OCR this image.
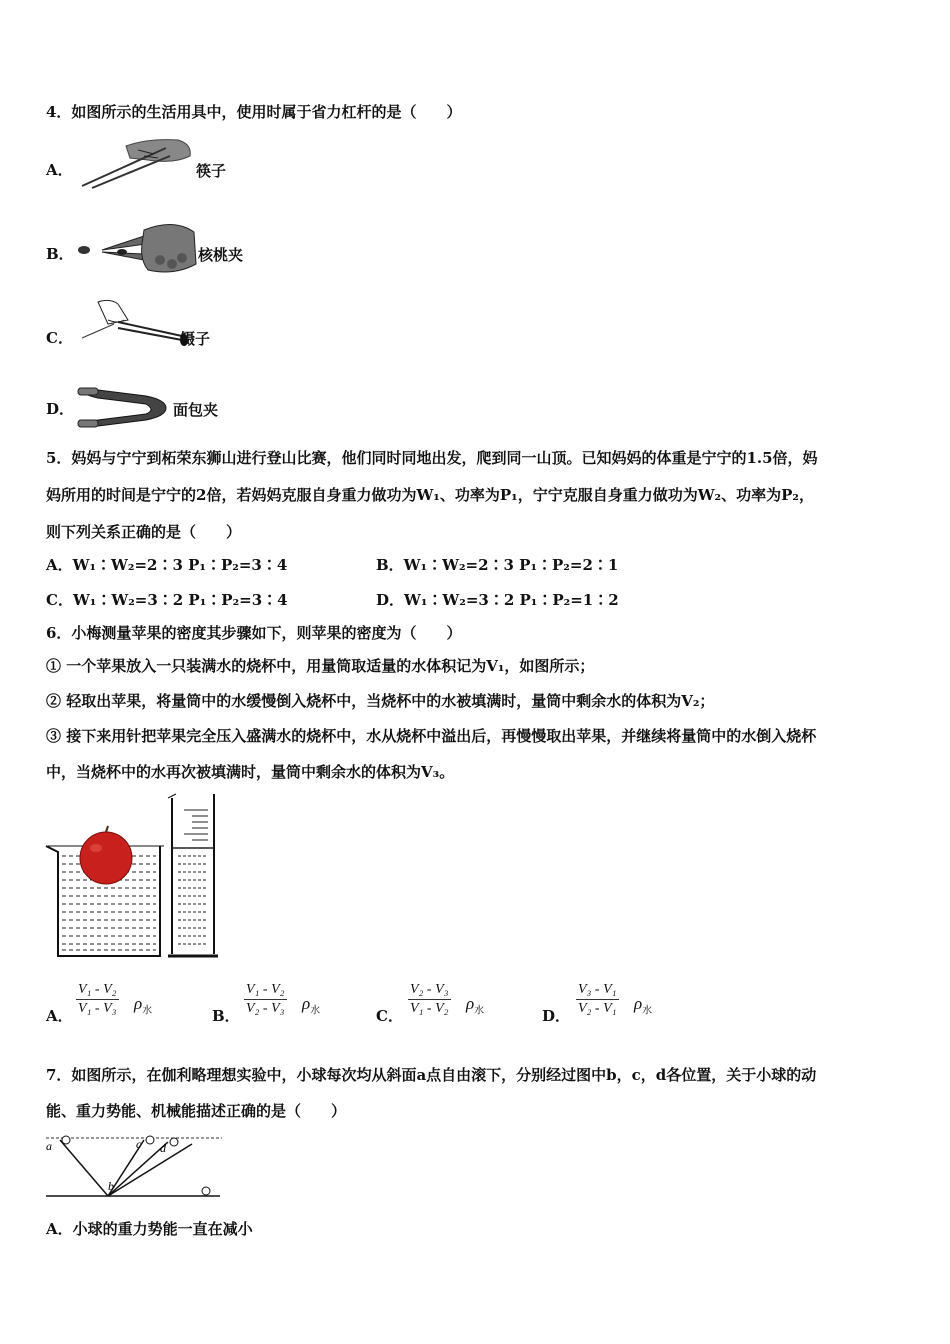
4．如图所示的生活用具中，使用时属于省力杠杆的是（　　）
A．	筷子
B．	核桃夹
C．	镊子
D．	面包夹
5．妈妈与宁宁到柘荣东狮山进行登山比赛，他们同时同地出发，爬到同一山顶。已知妈妈的体重是宁宁的1.5倍，妈
妈所用的时间是宁宁的2倍，若妈妈克服自身重力做功为W₁、功率为P₁，宁宁克服自身重力做功为W₂、功率为P₂，
则下列关系正确的是（　　）
A．W₁∶W₂=2∶3 P₁∶P₂=3∶4	B．W₁∶W₂=2∶3 P₁∶P₂=2∶1
C．W₁∶W₂=3∶2 P₁∶P₂=3∶4	D．W₁∶W₂=3∶2 P₁∶P₂=1∶2
6．小梅测量苹果的密度其步骤如下，则苹果的密度为（　　）
① 一个苹果放入一只装满水的烧杯中，用量筒取适量的水体积记为V₁，如图所示；
② 轻取出苹果，将量筒中的水缓慢倒入烧杯中，当烧杯中的水被填满时，量筒中剩余水的体积为V₂；
③ 接下来用针把苹果完全压入盛满水的烧杯中，水从烧杯中溢出后，再慢慢取出苹果，并继续将量筒中的水倒入烧杯
中，当烧杯中的水再次被填满时，量筒中剩余水的体积为V₃。
A． $\frac{\text{V₁ - V₂}}{\text{V₁ - V₃}} \rho_水$	B． $\frac{\text{V₁ - V₂}}{\text{V₂ - V₃}} \rho_水$	C． $\frac{\text{V₂ - V₃}}{\text{V₁ - V₂}} \rho_水$	D． $\frac{\text{V₃ - V₁}}{\text{V₂ - V₁}} \rho_水$
7．如图所示，在伽利略理想实验中，小球每次均从斜面a点自由滚下，分别经过图中b，c，d各位置，关于小球的动
能、重力势能、机械能描述正确的是（　　）
a	c d
b
A．小球的重力势能一直在减小
